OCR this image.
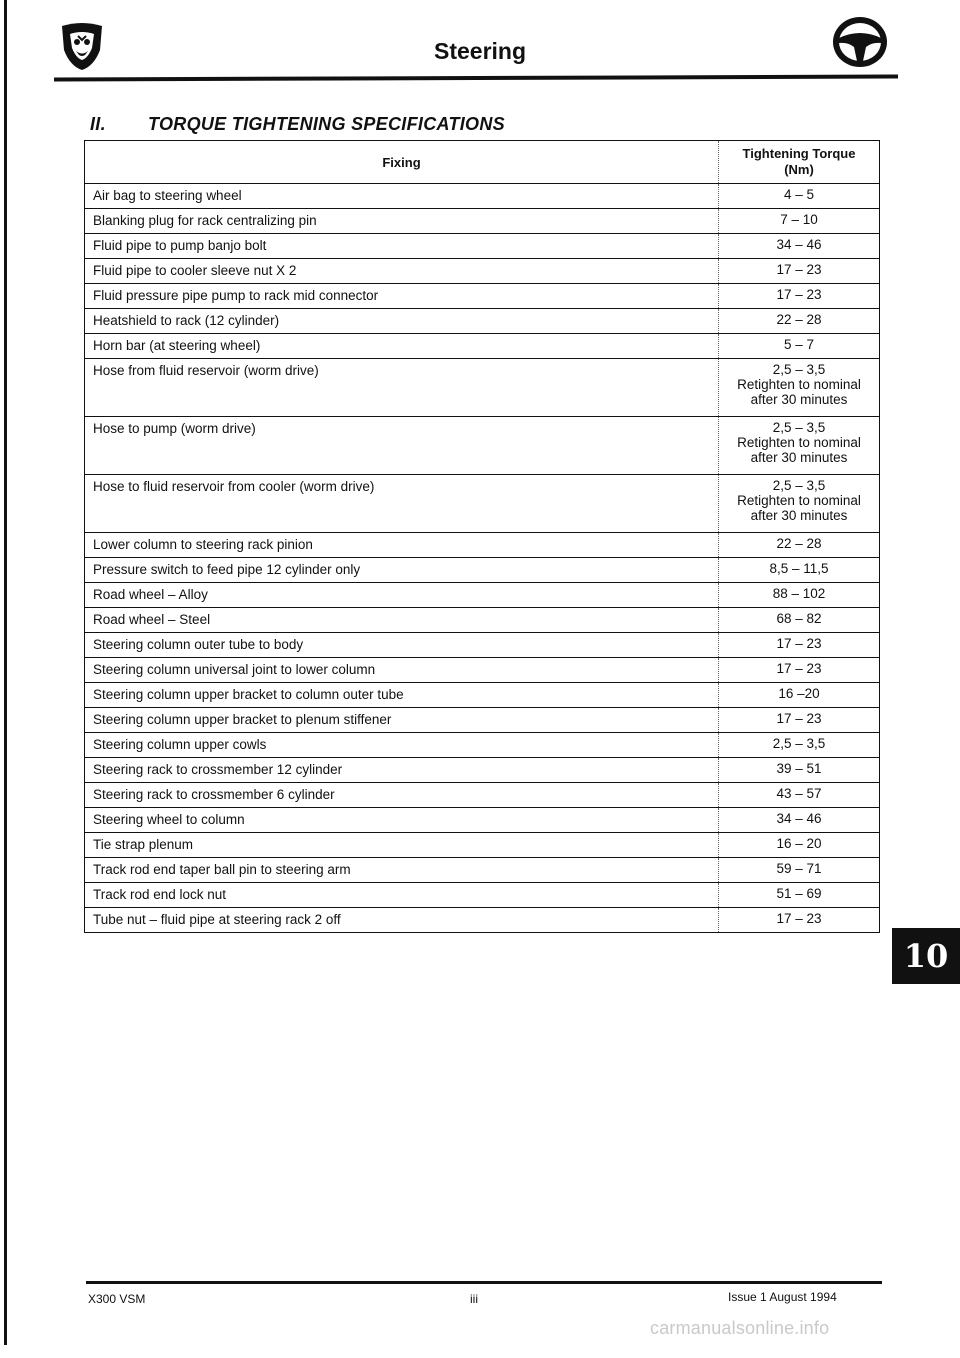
Steering
II. TORQUE TIGHTENING SPECIFICATIONS
Fixing	Tightening Torque
(Nm)
Air bag to steering wheel	4 – 5
Blanking plug for rack centralizing pin	7 – 10
Fluid pipe to pump banjo bolt	34 – 46
Fluid pipe to cooler sleeve nut X 2	17 – 23
Fluid pressure pipe pump to rack mid connector	17 – 23
Heatshield to rack (12 cylinder)	22 – 28
Horn bar (at steering wheel)	5 – 7
Hose from fluid reservoir (worm drive)	2,5 – 3,5
Retighten to nominal
after 30 minutes
Hose to pump (worm drive)	2,5 – 3,5
Retighten to nominal
after 30 minutes
Hose to fluid reservoir from cooler (worm drive)	2,5 – 3,5
Retighten to nominal
after 30 minutes
Lower column to steering rack pinion	22 – 28
Pressure switch to feed pipe 12 cylinder only	8,5 – 11,5
Road wheel – Alloy	88 – 102
Road wheel – Steel	68 – 82
Steering column outer tube to body	17 – 23
Steering column universal joint to lower column	17 – 23
Steering column upper bracket to column outer tube	16 –20
Steering column upper bracket to plenum stiffener	17 – 23
Steering column upper cowls	2,5 – 3,5
Steering rack to crossmember 12 cylinder	39 – 51
Steering rack to crossmember 6 cylinder	43 – 57
Steering wheel to column	34 – 46
Tie strap plenum	16 – 20
Track rod end taper ball pin to steering arm	59 – 71
Track rod end lock nut	51 – 69
Tube nut – fluid pipe at steering rack 2 off	17 – 23
10
X300 VSM	iii	Issue 1 August 1994
carmanualsonline.info
